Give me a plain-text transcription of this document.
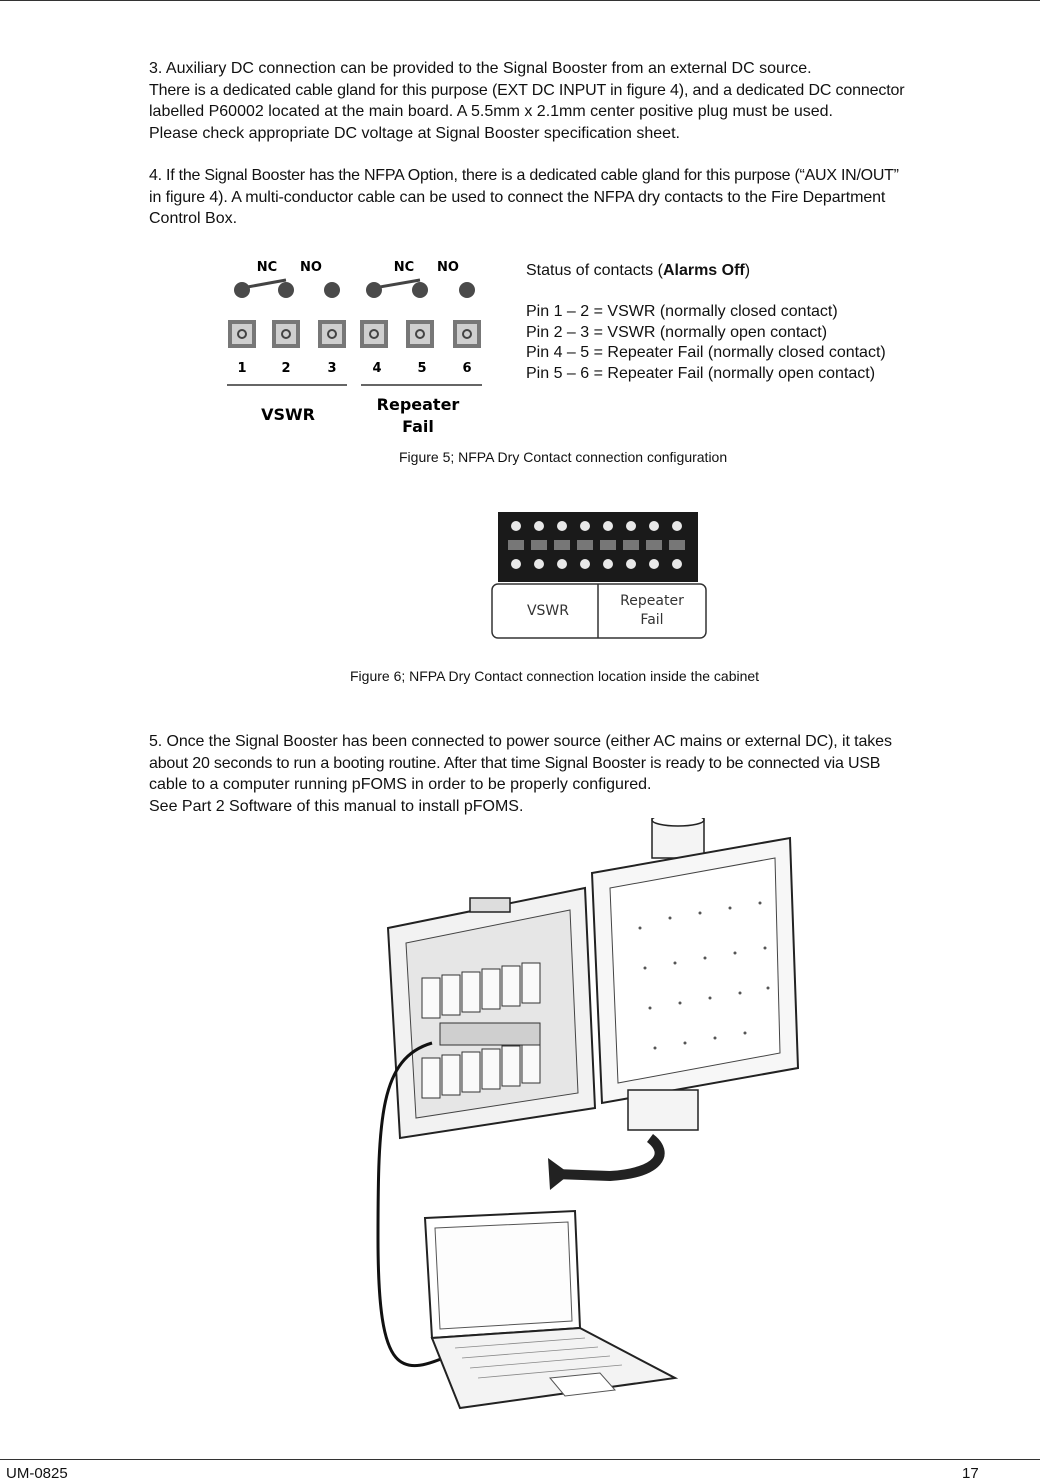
3. Auxiliary DC connection can be provided to the Signal Booster from an external DC source.
There is a dedicated cable gland for this purpose (EXT DC INPUT in figure 4), and a dedicated DC connector
labelled P60002 located at the main board. A 5.5mm x 2.1mm center positive plug must be used.
Please check appropriate DC voltage at Signal Booster specification sheet.
4. If the Signal Booster has the NFPA Option, there is a dedicated cable gland for this purpose (“AUX IN/OUT”
in figure 4). A multi-conductor cable can be used to connect the NFPA dry contacts to the Fire Department
Control Box.
NC NO	NC NO
1	2	3	4	5	6
VSWR
Repeater
Fail
Status of contacts (Alarms Off)
Pin 1 – 2 = VSWR (normally closed contact)
Pin 2 – 3 = VSWR (normally open contact)
Pin 4 – 5 = Repeater Fail (normally closed contact)
Pin 5 – 6 = Repeater Fail (normally open contact)
Figure 5; NFPA Dry Contact connection configuration
VSWR
Repeater
Fail
Figure 6; NFPA Dry Contact connection location inside the cabinet
5. Once the Signal Booster has been connected to power source (either AC mains or external DC), it takes
about 20 seconds to run a booting routine. After that time Signal Booster is ready to be connected via USB
cable to a computer running pFOMS in order to be properly configured.
See Part 2 Software of this manual to install pFOMS.
UM-0825	17
